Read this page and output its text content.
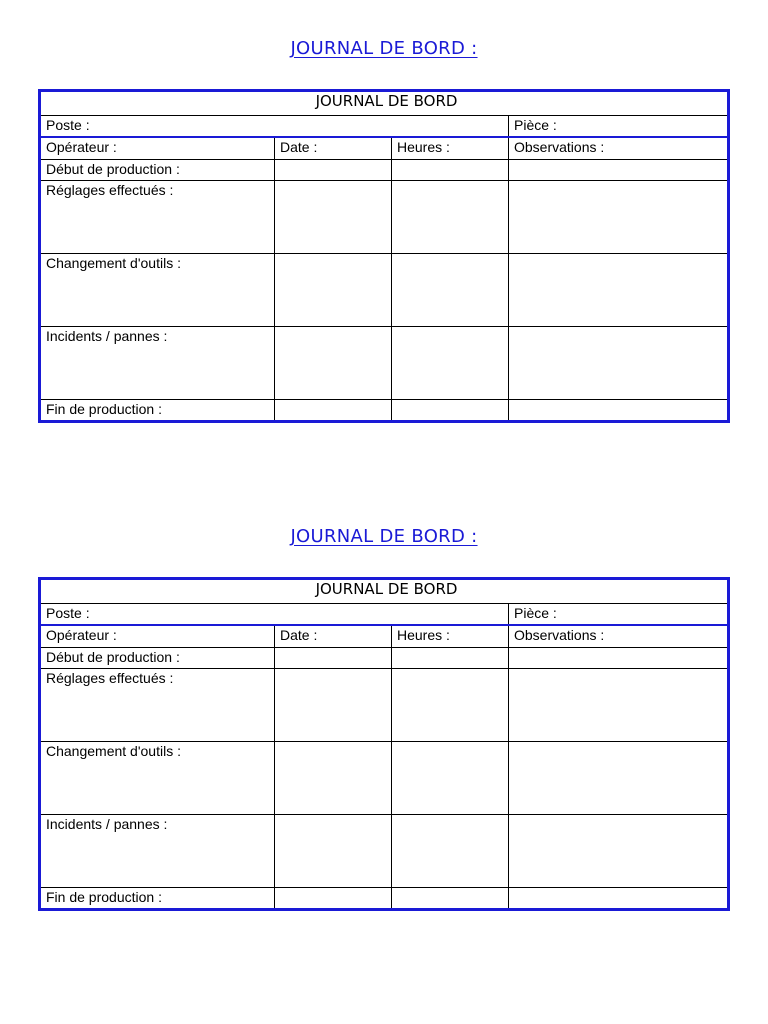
JOURNAL DE BORD :
JOURNAL DE BORD			
Poste :			Pièce :
Opérateur :	Date :	Heures :	Observations :
Début de production :			
Réglages effectués :			
Changement d'outils :			
Incidents / pannes :			
Fin de production :			
JOURNAL DE BORD :
JOURNAL DE BORD			
Poste :			Pièce :
Opérateur :	Date :	Heures :	Observations :
Début de production :			
Réglages effectués :			
Changement d'outils :			
Incidents / pannes :			
Fin de production :			
